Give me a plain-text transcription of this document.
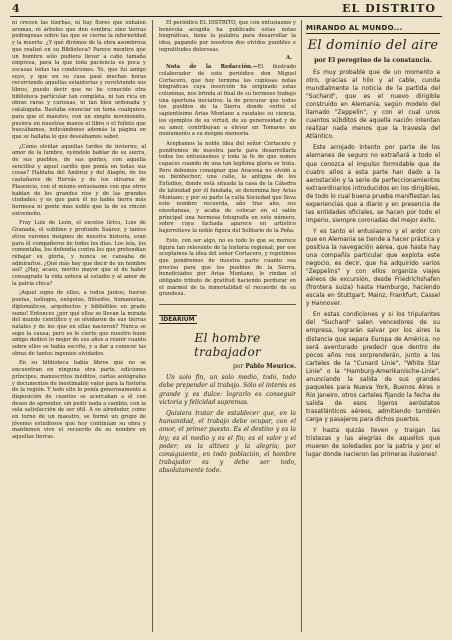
4	EL DISTRITO

ni crecen las hierbas, ni hay flores que exhalen aromas, ni árboles que den sombra; sino tierras pedregosas sobre las que se cierne la inferioridad y la muerte. ¿Y qué dirémos de la obra asombrosa que realizó en su Biblioteca? Parece mentira que un hombre solo pudiera llevar a cabo tamaña empresa, para la que toda paciencia es poca y escasas todas las condiciones. Yo, que fuí amigo suyo, y que en su casa pasé muchas horas recorriendo aquellas estanterías y revolviendo sus libros, puedo decir que no he conocido otra biblioteca particular tan completa, ni tan rica en obras raras y curiosas, ni tan bien ordenada y catalogada. Bastaba enunciar un tema cualquiera para que el maestro, con un simple movimiento, pusiera en nuestras manos el libro o el folleto que buscábamos, indicándonos además la página en que se hallaba lo que deseábamos saber.

¿Cómo olvidar aquellas tardes de invierno, al amor de la lumbre, oyéndole hablar de su sierra, de sus pueblos, de sus gentes, con aquella sencillez y aquel cariño que ponía en todas sus cosas? Hablaba del Ambroz y del Alagón, de los castañares de Hervás y de los olivares de Plasencia, con el mismo entusiasmo con que otros hablan de los grandes ríos y de las grandes ciudades; y es que para él no había tierra más hermosa ni gente más noble que la de su rincón extremeño.

Fray Luis de León, el excelso lírico, Luis de Granada, el sublime y profundo Suárez, y tantos otros varones insignes de nuestra historia, eran para él compañeros de todos los días. Los leía, los comentaba, los defendía contra los que pretendían rebajar su gloria, y nunca se cansaba de admirarlos. ¿Qué más hay que decir de un hombre así? ¿Hay, acaso, mérito mayor que el de haber consagrado la vida entera al estudio y al amor de la patria chica?

¡Aquel signo de ellos, a todos juntos, fueron poetas, teólogos, exégetas, filósofos, humanistas, diplomáticos, arquitectos y bibliófilos en grado sumo! Entonces ¿por qué ellos se llevan la mirada del mundo científico y se olvidaron de sus tierras natales y de los que en ellas nacieron? Nunca se supo la causa; pero es lo cierto que nuestro buen amigo dedicó lo mejor de sus años a reunir cuanto sobre ellos se había escrito, y a dar a conocer las obras de tantos ingenios olvidados.

En su biblioteca había libros que no se encuentran en ninguna otra parte, ediciones príncipes, manuscritos inéditos, cartas autógrafas y documentos de inestimable valor para la historia de la región. Y todo ello lo ponía generosamente a disposición de cuantos se acercaban a él con deseo de aprender, sin pedir nada a cambio, con la sola satisfacción de ser útil. A su alrededor, como en torno de un maestro, se formó un grupo de jóvenes estudiosos que hoy continúan su obra y mantienen vivo el recuerdo de su nombre en aquellas tierras.

El periódico EL DISTRITO, que con entusiasmo y benévola acogida ha publicado estas notas biográficas, tiene la palabra para desarrollar la idea, pagando por nosotros dos olvidos punibles e ingratitudes dolorosas.

A.

Nota de la Redacción.—El ilustrado colaborador de este periódico don Miguel Cortacero, que hoy termina las copiosas notas biográficas cuya inserción ha originado estas columnas, nos brinda al final de su hermoso trabajo una oportuna iniciativa: la de procurar que todos los pueblos de la Sierra donde vertió el sapientísimo Arias Montano a raudales su ciencia, los ejemplos de su virtud, de su generosidad y de su amor, contribuyan a elevar en Tomares un monumento a su insigne memoria.

Aceptamos la noble idea del señor Cortacero y pondremos de nuestra parte para desarrollarla todos los entusiasmos y toda la fe de que somos capaces cuando de una tan legítima gloria se trata. Pero debemos consignar que Aracena no olvidó a su bienhechor; una calle, la antigua de los Estudios, donde está situada la casa de la Cátedra de latinidad por él fundada, se denomina hoy Arias Montano; y por su parte la culta Sociedad que lleva este nombre recuerda, año tras año, sus enseñanzas, y acaba de colocar en el salón principal una hermosa fotografía en este número, sobre cuya fachada aparece en artístico bajorrelieve la noble figura del Solitario de la Peña.

Esto, con ser algo, no es todo lo que se merece figura tan relevante de la historia regional; por ese aceptamos la idea del señor Cortacero, y repetimos que pondremos de nuestra parte cuanto sea preciso para que los pueblos de la Sierra, beneficiados por Arias Montano, le rindan el obligado tributo de gratitud haciendo perdurar en el mármol de la inmortalidad el recuerdo de su grandeza.

IDEARIUM
El hombre trabajador
por Pablo Meurice.

Un solo fin, un solo medio, todo, todo debe prepender al trabajo. Sólo el interés es grande y es dulce: lograrlo es conseguir victoria y felicidad supremas.

Quisiera tratar de establecer que, en la humanidad, el trabajo debe ocupar, con el amor, el primer puesto. Es el destino y es la ley; es el medio y es el fin; es el valor y el poder; es la altivez y la alegría; por consiguiente, en todo población, el hombre trabajador es y debe ser todo, absolutamente todo.

MIRANDO AL MUNDO...
El dominio del aire
por El peregrino de la constancia.

Es muy probable que de un momento a otro, gracias al hilo y al cable, cunda mundialmente la noticia de la partida del "Suchard", que es el nuevo dirigible construido en Alemania, según modelo del llamado "Zeppelin", y con el cual unos cuantos súbditos de aquella nación intentan realizar nada menos que la travesía del Atlántico.

Este arrojado intento por parte de los alemanes de seguro no extrañará a todo el que conozca el impulso formidable que de cuatro años a esta parte han dado a la aerostación y la serie de perfeccionamientos extraordinarios introducidos en los dirigibles, de todo lo cual buena prueba manifiestan las experiencias que a diario y en presencia de las entidades oficiales, se hacen por todo el imperio, siempre coronadas del mejor éxito.

Y es tanto el entusiasmo y el ardor con que en Alemania se tiende a hacer práctica y positiva la navegación aérea, que hasta hay una compañía particular que explota este negocio, es decir, que ha adquirido varios "Zeppelins" y con ellos organiza viajes aéreos de excursión, desde Friedrichshafen (frontera suiza) hasta Hamburgo, haciendo escala en Stuttgart, Mainz, Frankfurt, Cassel y Hannover.

En estas condiciones y si los tripulantes del "Suchard" salen vencedores de su empresa, lograrán salvar por los aires la distancia que separa Europa de América, no será aventurado predecir que dentro de pocos años nos sorprenderán, junto a los carteles de la "Cunard Linie", "White Star Linie" o la "Hamburg-Amerikanische-Linie", anunciando la salida de sus grandes paquetes para Nueva York, Buenos Aires o Río Janeiro, otros carteles fijando la fecha de salida de esos ligeros aeróstatos trasatlánticos aéreos, admitiendo también carga y pasajeros para dichos puertos.

Y hasta quizás lleven y traigan las tristezas y las alegrías de aquellos que mueren de soledades por la patria y por el lugar donde nacieron las primeras ilusiones!
